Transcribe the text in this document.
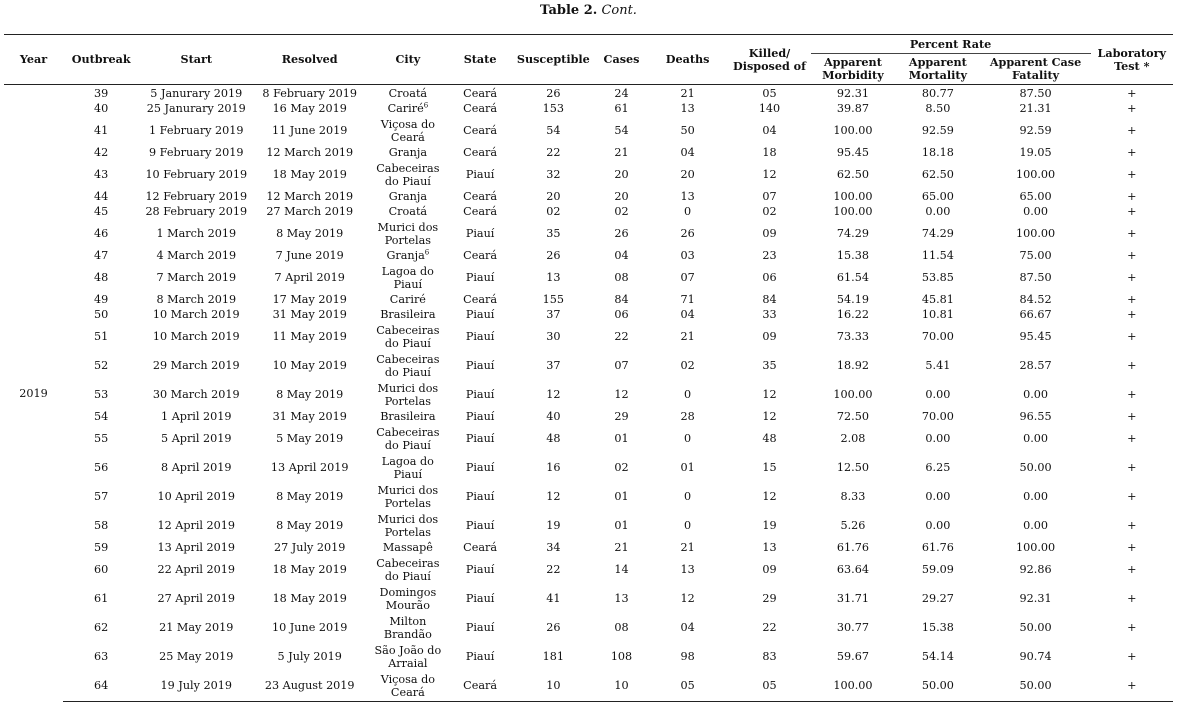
Table 2. Cont.
Year	Outbreak	Start	Resolved	City	State	Susceptible	Cases	Deaths	Killed/ Disposed of	Percent Rate			Laboratory Test *
										Apparent Morbidity	Apparent Mortality	Apparent Case Fatality	
2019	39	5 Janurary 2019	8 February 2019	Croatá	Ceará	26	24	21	05	92.31	80.77	87.50	+
	40	25 Janurary 2019	16 May 2019	Cariré$^6$	Ceará	153	61	13	140	39.87	8.50	21.31	+
	41	1 February 2019	11 June 2019	Viçosa do Ceará	Ceará	54	54	50	04	100.00	92.59	92.59	+
	42	9 February 2019	12 March 2019	Granja	Ceará	22	21	04	18	95.45	18.18	19.05	+
	43	10 February 2019	18 May 2019	Cabeceiras do Piauí	Piauí	32	20	20	12	62.50	62.50	100.00	+
	44	12 February 2019	12 March 2019	Granja	Ceará	20	20	13	07	100.00	65.00	65.00	+
	45	28 February 2019	27 March 2019	Croatá	Ceará	02	02	0	02	100.00	0.00	0.00	+
	46	1 March 2019	8 May 2019	Murici dos Portelas	Piauí	35	26	26	09	74.29	74.29	100.00	+
	47	4 March 2019	7 June 2019	Granja$^6$	Ceará	26	04	03	23	15.38	11.54	75.00	+
	48	7 March 2019	7 April 2019	Lagoa do Piauí	Piauí	13	08	07	06	61.54	53.85	87.50	+
	49	8 March 2019	17 May 2019	Cariré	Ceará	155	84	71	84	54.19	45.81	84.52	+
	50	10 March 2019	31 May 2019	Brasileira	Piauí	37	06	04	33	16.22	10.81	66.67	+
	51	10 March 2019	11 May 2019	Cabeceiras do Piauí	Piauí	30	22	21	09	73.33	70.00	95.45	+
	52	29 March 2019	10 May 2019	Cabeceiras do Piauí	Piauí	37	07	02	35	18.92	5.41	28.57	+
	53	30 March 2019	8 May 2019	Murici dos Portelas	Piauí	12	12	0	12	100.00	0.00	0.00	+
	54	1 April 2019	31 May 2019	Brasileira	Piauí	40	29	28	12	72.50	70.00	96.55	+
	55	5 April 2019	5 May 2019	Cabeceiras do Piauí	Piauí	48	01	0	48	2.08	0.00	0.00	+
	56	8 April 2019	13 April 2019	Lagoa do Piauí	Piauí	16	02	01	15	12.50	6.25	50.00	+
	57	10 April 2019	8 May 2019	Murici dos Portelas	Piauí	12	01	0	12	8.33	0.00	0.00	+
	58	12 April 2019	8 May 2019	Murici dos Portelas	Piauí	19	01	0	19	5.26	0.00	0.00	+
	59	13 April 2019	27 July 2019	Massapê	Ceará	34	21	21	13	61.76	61.76	100.00	+
	60	22 April 2019	18 May 2019	Cabeceiras do Piauí	Piauí	22	14	13	09	63.64	59.09	92.86	+
	61	27 April 2019	18 May 2019	Domingos Mourão	Piauí	41	13	12	29	31.71	29.27	92.31	+
	62	21 May 2019	10 June 2019	Milton Brandão	Piauí	26	08	04	22	30.77	15.38	50.00	+
	63	25 May 2019	5 July 2019	São João do Arraial	Piauí	181	108	98	83	59.67	54.14	90.74	+
	64	19 July 2019	23 August 2019	Viçosa do Ceará	Ceará	10	10	05	05	100.00	50.00	50.00	+
